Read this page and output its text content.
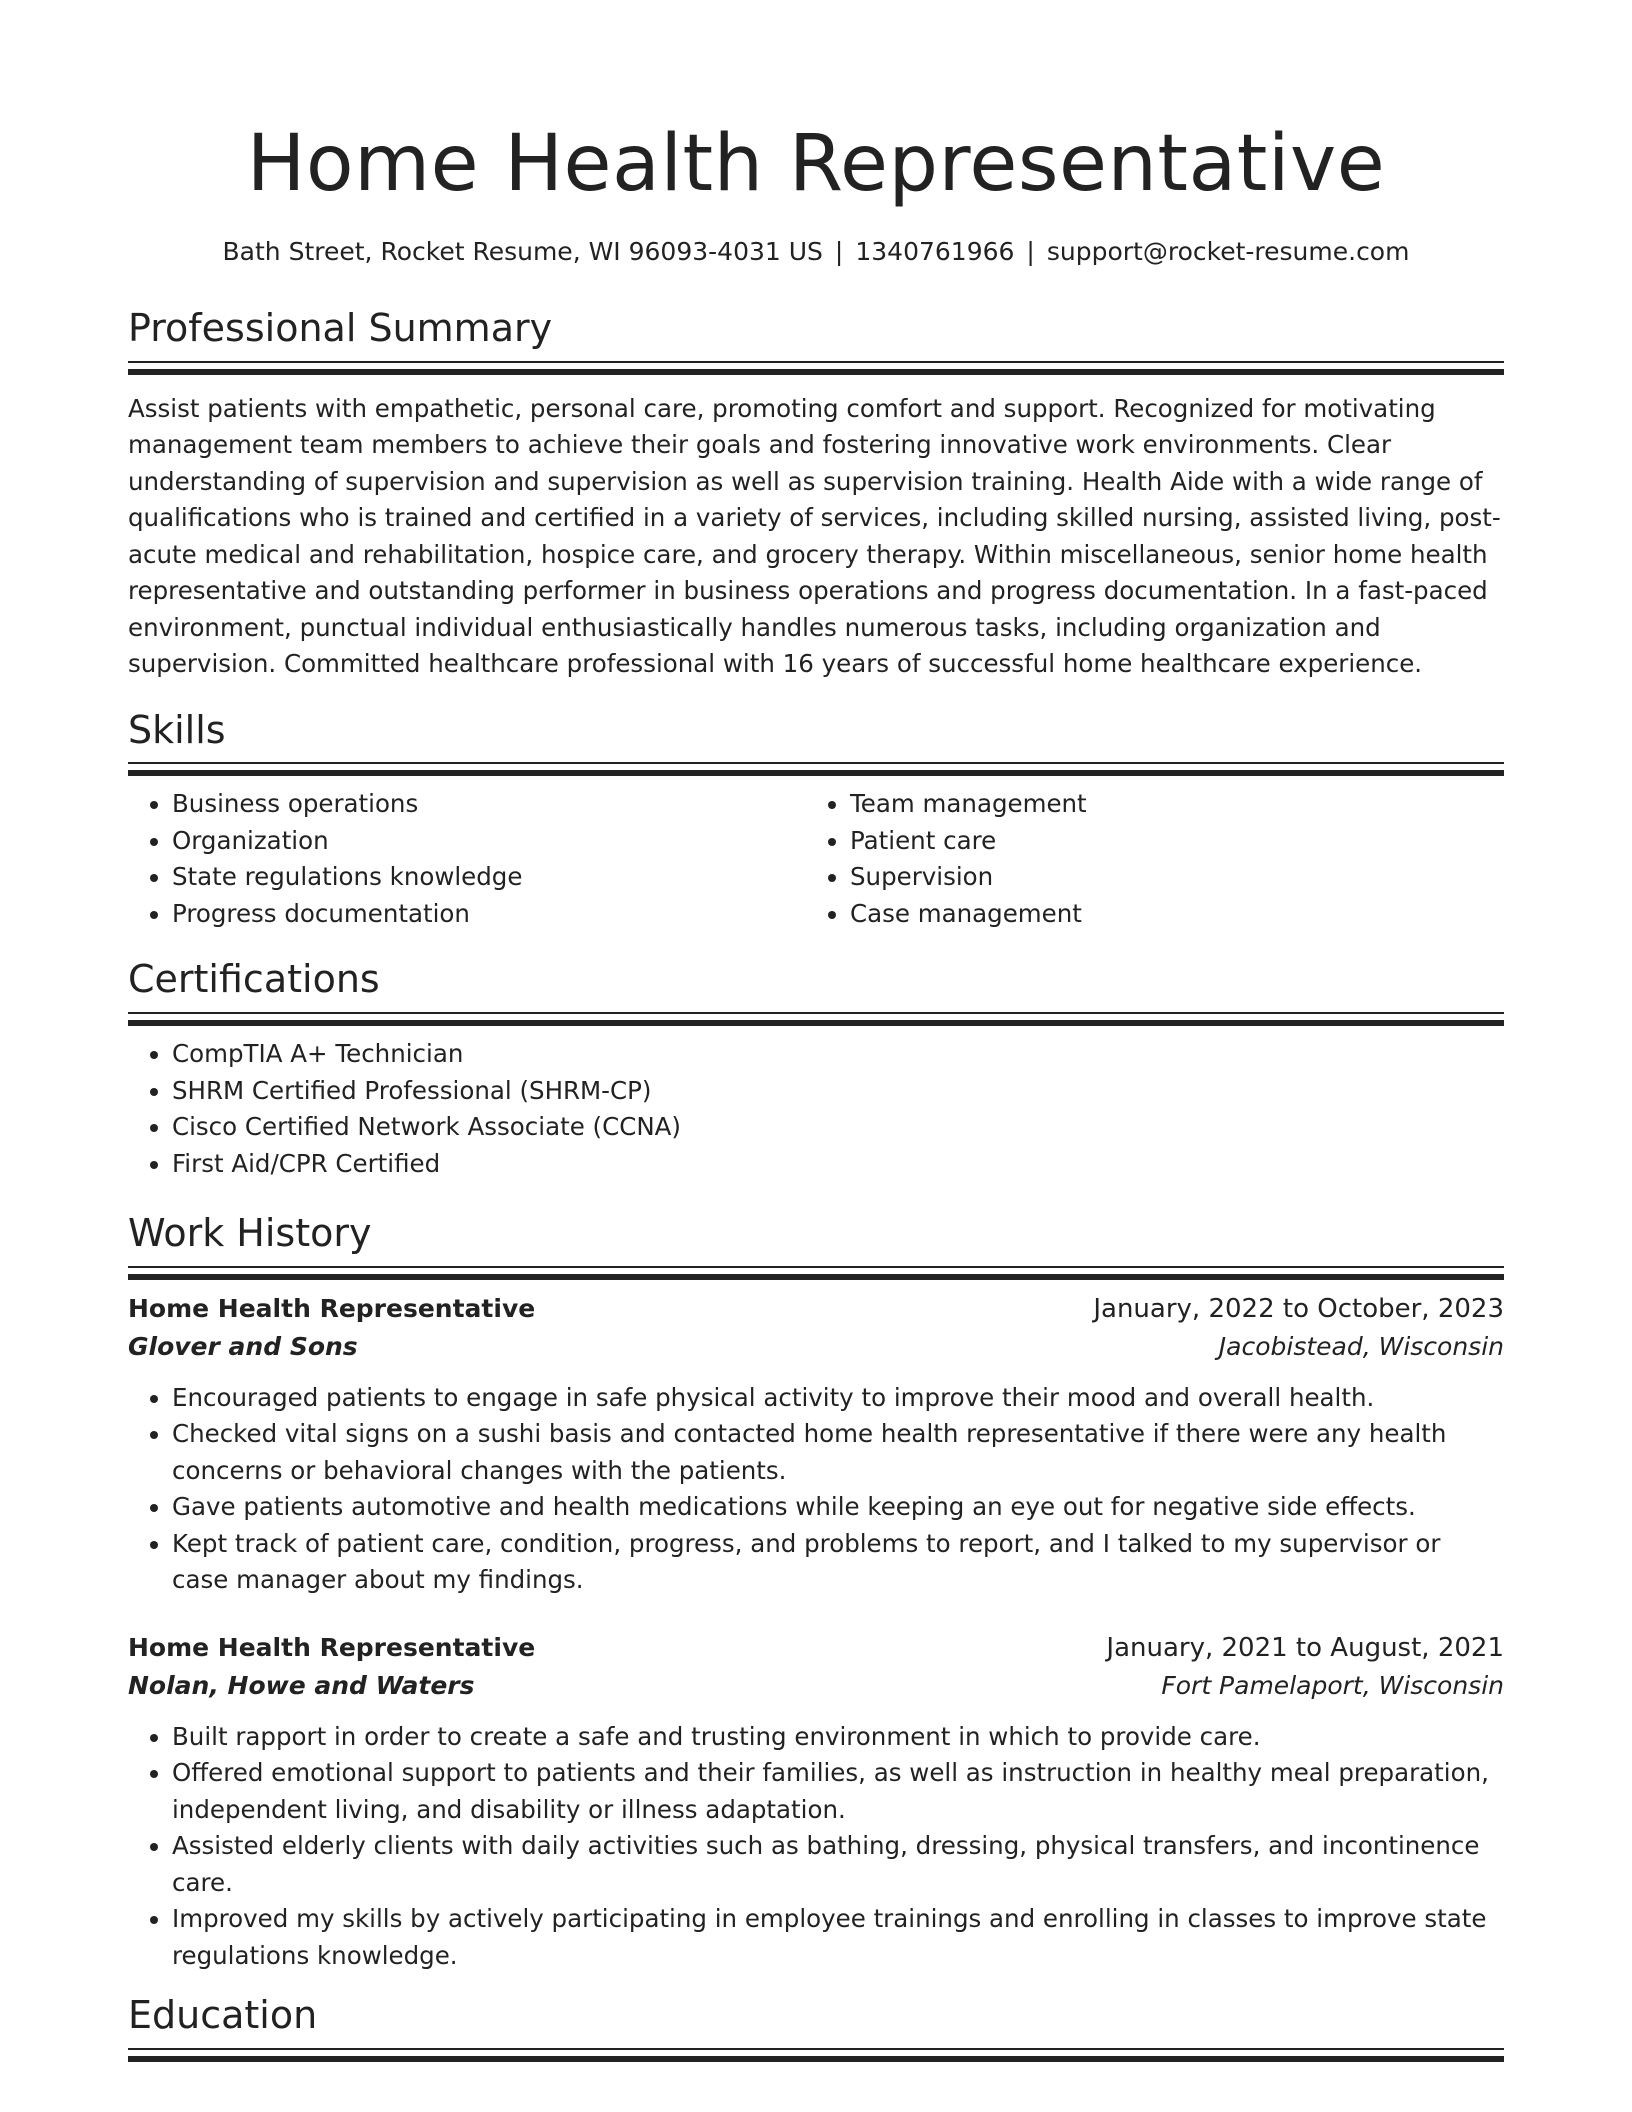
Home Health Representative
Bath Street, Rocket Resume, WI 96093-4031 US | 1340761966 | support@rocket-resume.com
Professional Summary

Assist patients with empathetic, personal care, promoting comfort and support. Recognized for motivating management team members to achieve their goals and fostering innovative work environments. Clear understanding of supervision and supervision as well as supervision training. Health Aide with a wide range of qualifications who is trained and certified in a variety of services, including skilled nursing, assisted living, post-acute medical and rehabilitation, hospice care, and grocery therapy. Within miscellaneous, senior home health representative and outstanding performer in business operations and progress documentation. In a fast-paced environment, punctual individual enthusiastically handles numerous tasks, including organization and supervision. Committed healthcare professional with 16 years of successful home healthcare experience.

Skills
• Business operations
• Organization
• State regulations knowledge
• Progress documentation
• Team management
• Patient care
• Supervision
• Case management
Certifications
• CompTIA A+ Technician
• SHRM Certified Professional (SHRM-CP)
• Cisco Certified Network Associate (CCNA)
• First Aid/CPR Certified
Work History
Home Health Representative	January, 2022 to October, 2023
Glover and Sons	Jacobistead, Wisconsin
• Encouraged patients to engage in safe physical activity to improve their mood and overall health.
• Checked vital signs on a sushi basis and contacted home health representative if there were any health concerns or behavioral changes with the patients.
• Gave patients automotive and health medications while keeping an eye out for negative side effects.
• Kept track of patient care, condition, progress, and problems to report, and I talked to my supervisor or case manager about my findings.
Home Health Representative	January, 2021 to August, 2021
Nolan, Howe and Waters	Fort Pamelaport, Wisconsin
• Built rapport in order to create a safe and trusting environment in which to provide care.
• Offered emotional support to patients and their families, as well as instruction in healthy meal preparation, independent living, and disability or illness adaptation.
• Assisted elderly clients with daily activities such as bathing, dressing, physical transfers, and incontinence care.
• Improved my skills by actively participating in employee trainings and enrolling in classes to improve state regulations knowledge.
Education
